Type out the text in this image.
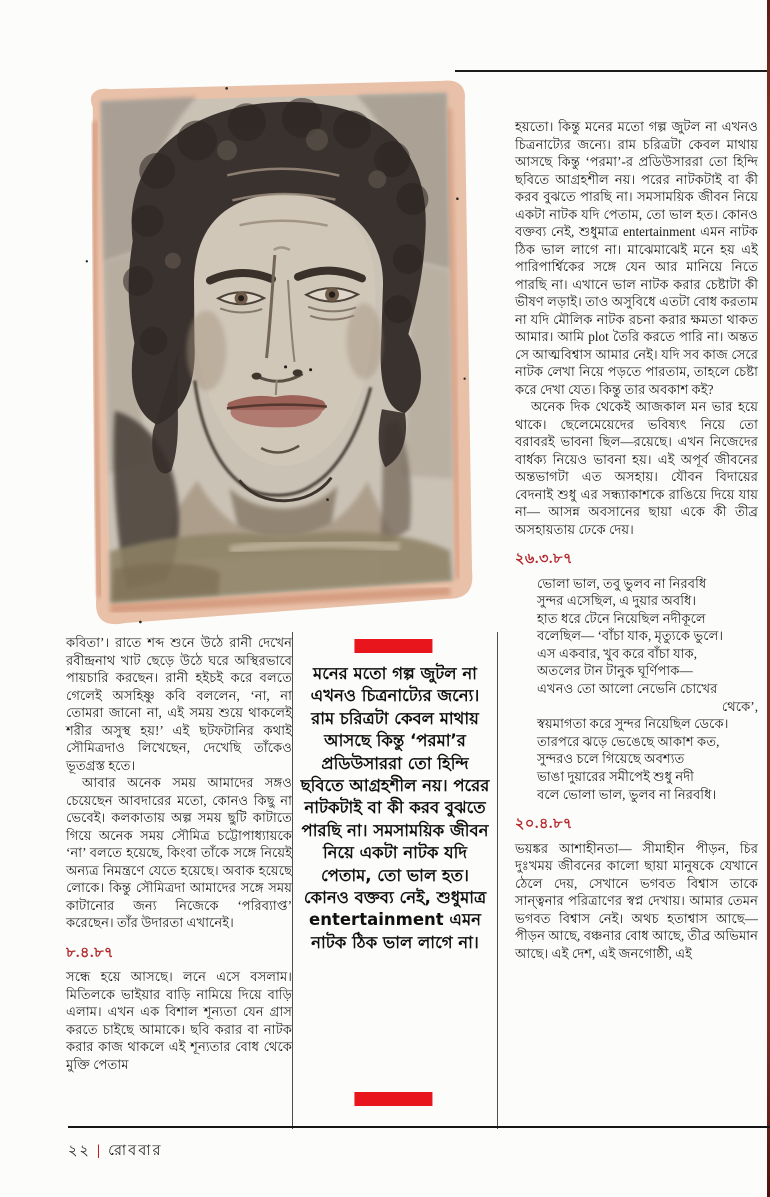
কবিতা’। রাতে শব্দ শুনে উঠে রানী দেখেন রবীন্দ্রনাথ খাট ছেড়ে উঠে ঘরে অস্থিরভাবে পায়চারি করছেন। রানী হইচই করে বলতে গেলেই অসহিষ্ণু কবি বললেন, ‘না, না তোমরা জানো না, এই সময় শুয়ে থাকলেই শরীর অসুস্থ হয়!’ এই ছটফটানির কথাই সৌমিত্রদাও লিখেছেন, দেখেছি তাঁকেও ভূতগ্রস্ত হতে।

আবার অনেক সময় আমাদের সঙ্গও চেয়েছেন আবদারের মতো, কোনও কিছু না ভেবেই। কলকাতায় অল্প সময় ছুটি কাটাতে গিয়ে অনেক সময় সৌমিত্র চট্টোপাধ্যায়কে ‘না’ বলতে হয়েছে, কিংবা তাঁকে সঙ্গে নিয়েই অন্যত্র নিমন্ত্রণে যেতে হয়েছে। অবাক হয়েছে লোকে। কিন্তু সৌমিত্রদা আমাদের সঙ্গে সময় কাটানোর জন্য নিজেকে ‘পরিব্যাপ্ত’ করেছেন। তাঁর উদারতা এখানেই।

৮.৪.৮৭

সন্ধে হয়ে আসছে। লনে এসে বসলাম। মিতিলকে ভাইয়ার বাড়ি নামিয়ে দিয়ে বাড়ি এলাম। এখন এক বিশাল শূন্যতা যেন গ্রাস করতে চাইছে আমাকে। ছবি করার বা নাটক করার কাজ থাকলে এই শূন্যতার বোধ থেকে মুক্তি পেতাম

মনের মতো গল্প জুটল না এখনও চিত্রনাট্যের জন্যে। রাম চরিত্রটা কেবল মাথায় আসছে কিন্তু ‘পরমা’র প্রডিউসাররা তো হিন্দি ছবিতে আগ্রহশীল নয়। পরের নাটকটাই বা কী করব বুঝতে পারছি না। সমসাময়িক জীবন নিয়ে একটা নাটক যদি পেতাম, তো ভাল হত। কোনও বক্তব্য নেই, শুধুমাত্র entertainment এমন নাটক ঠিক ভাল লাগে না।

হয়তো। কিন্তু মনের মতো গল্প জুটল না এখনও চিত্রনাট্যের জন্যে। রাম চরিত্রটা কেবল মাথায় আসছে কিন্তু ‘পরমা’-র প্রডিউসাররা তো হিন্দি ছবিতে আগ্রহশীল নয়। পরের নাটকটাই বা কী করব বুঝতে পারছি না। সমসাময়িক জীবন নিয়ে একটা নাটক যদি পেতাম, তো ভাল হত। কোনও বক্তব্য নেই, শুধুমাত্র entertainment এমন নাটক ঠিক ভাল লাগে না। মাঝেমাঝেই মনে হয় এই পারিপার্শ্বিকের সঙ্গে যেন আর মানিয়ে নিতে পারছি না। এখানে ভাল নাটক করার চেষ্টাটা কী ভীষণ লড়াই। তাও অসুবিধে এতটা বোধ করতাম না যদি মৌলিক নাটক রচনা করার ক্ষমতা থাকত আমার। আমি plot তৈরি করতে পারি না। অন্তত সে আত্মবিশ্বাস আমার নেই। যদি সব কাজ সেরে নাটক লেখা নিয়ে পড়তে পারতাম, তাহলে চেষ্টা করে দেখা যেত। কিন্তু তার অবকাশ কই?

অনেক দিক থেকেই আজকাল মন ভার হয়ে থাকে। ছেলেমেয়েদের ভবিষ্যৎ নিয়ে তো বরাবরই ভাবনা ছিল—রয়েছে। এখন নিজেদের বার্ধক্য নিয়েও ভাবনা হয়। এই অপূর্ব জীবনের অন্তভাগটা এত অসহায়। যৌবন বিদায়ের বেদনাই শুধু এর সন্ধ্যাকাশকে রাঙিয়ে দিয়ে যায় না— আসন্ন অবসানের ছায়া একে কী তীব্র অসহায়তায় ঢেকে দেয়।

২৬.৩.৮৭
ভোলা ভাল, তবু ভুলব না নিরবধি
সুন্দর এসেছিল, এ দুয়ার অবধি।
হাত ধরে টেনে নিয়েছিল নদীকূলে
বলেছিল— ‘বাঁচা যাক, মৃত্যুকে ভুলে।
এস একবার, খুব করে বাঁচা যাক,
অতলের টান টানুক ঘূর্ণিপাক—
এখনও তো আলো নেভেনি চোখের
থেকে’,
স্বয়মাগতা করে সুন্দর নিয়েছিল ডেকে।
তারপরে ঝড়ে ভেঙেছে আকাশ কত,
সুন্দরও চলে গিয়েছে অবশ্যত
ভাঙা দুয়ারের সমীপেই শুধু নদী
বলে ভোলা ভাল, ভুলব না নিরবধি।
২০.৪.৮৭

ভয়ঙ্কর আশাহীনতা— সীমাহীন পীড়ন, চির দুঃখময় জীবনের কালো ছায়া মানুষকে যেখানে ঠেলে দেয়, সেখানে ভগবত বিশ্বাস তাকে সান্ত্বনার পরিত্রাণের স্বপ্ন দেখায়। আমার তেমন ভগবত বিশ্বাস নেই। অথচ হতাশ্বাস আছে— পীড়ন আছে, বঞ্চনার বোধ আছে, তীব্র অভিমান আছে। এই দেশ, এই জনগোষ্ঠী, এই

২২ | রোববার
